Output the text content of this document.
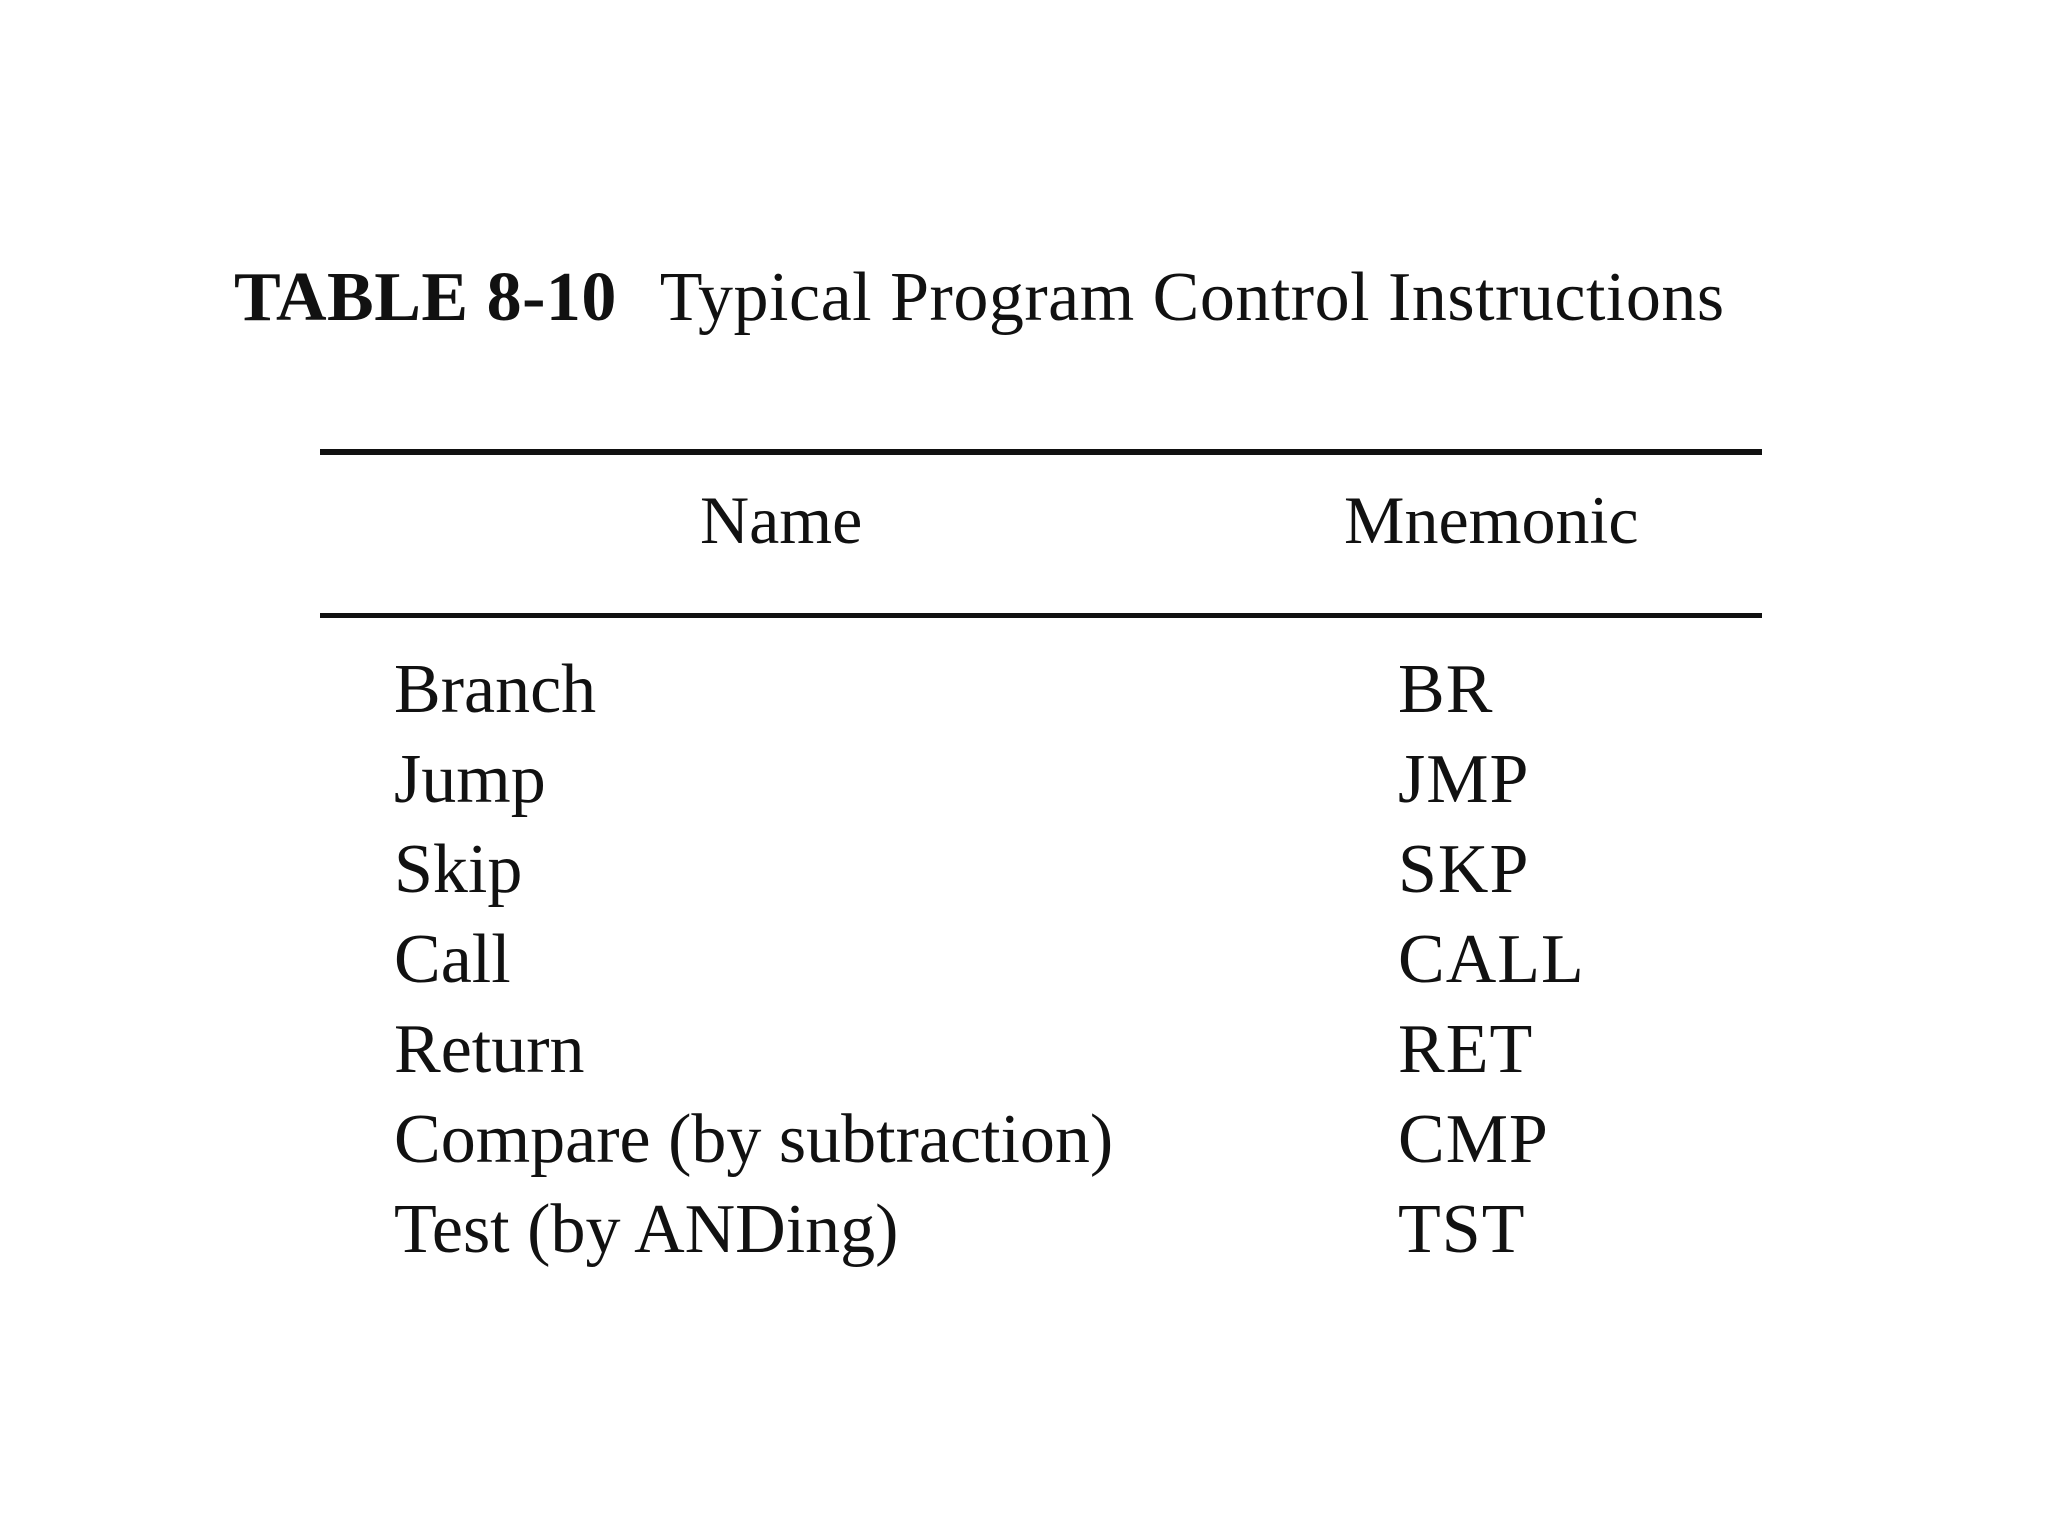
TABLE 8-10 Typical Program Control Instructions
Name	Mnemonic
Branch	BR
Jump	JMP
Skip	SKP
Call	CALL
Return	RET
Compare (by subtraction)	CMP
Test (by ANDing)	TST
